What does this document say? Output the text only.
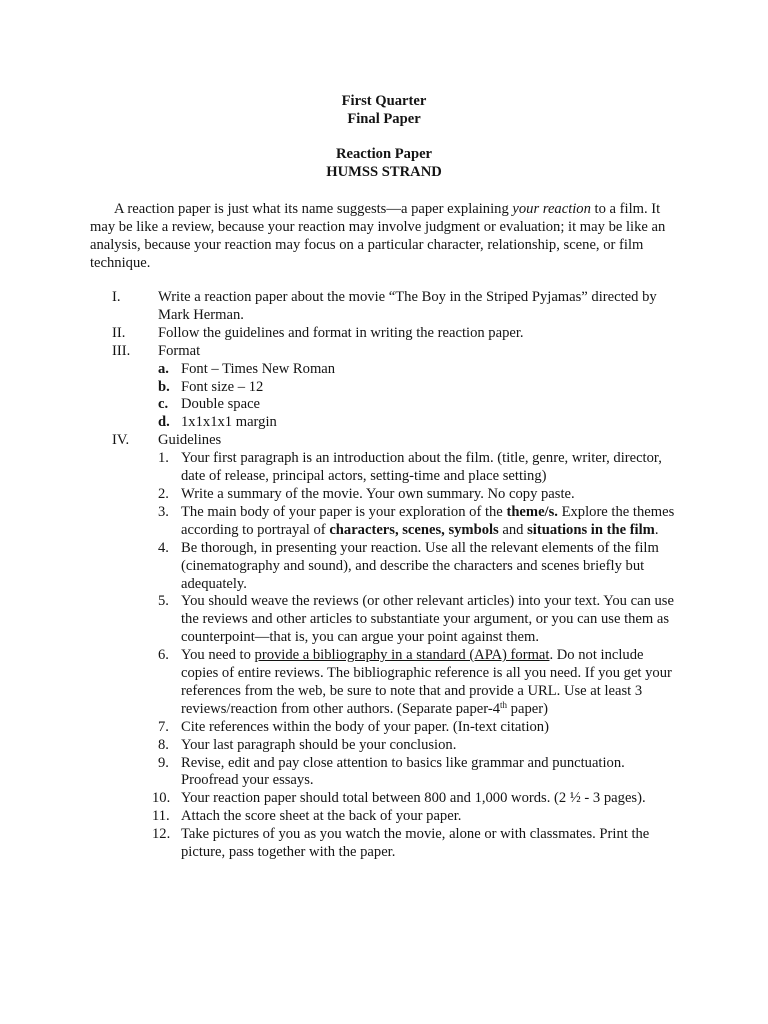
First Quarter
Final Paper
Reaction Paper
HUMSS STRAND

A reaction paper is just what its name suggests—a paper explaining your reaction to a film. It may be like a review, because your reaction may involve judgment or evaluation; it may be like an analysis, because your reaction may focus on a particular character, relationship, scene, or film technique.

I.	Write a reaction paper about the movie “The Boy in the Striped Pyjamas” directed by Mark Herman.
II. Follow the guidelines and format in writing the reaction paper.
III. Format
a. Font – Times New Roman
b. Font size – 12
c. Double space
d. 1x1x1x1 margin
IV. Guidelines
1. Your first paragraph is an introduction about the film. (title, genre, writer, director, date of release, principal actors, setting-time and place setting)
2. Write a summary of the movie. Your own summary. No copy paste.
3. The main body of your paper is your exploration of the theme/s. Explore the themes according to portrayal of characters, scenes, symbols and situations in the film.
4. Be thorough, in presenting your reaction. Use all the relevant elements of the film (cinematography and sound), and describe the characters and scenes briefly but adequately.
5. You should weave the reviews (or other relevant articles) into your text. You can use the reviews and other articles to substantiate your argument, or you can use them as counterpoint—that is, you can argue your point against them.
6. You need to provide a bibliography in a standard (APA) format. Do not include copies of entire reviews. The bibliographic reference is all you need. If you get your references from the web, be sure to note that and provide a URL. Use at least 3 reviews/reaction from other authors. (Separate paper-4th paper)
7. Cite references within the body of your paper. (In-text citation)
8. Your last paragraph should be your conclusion.
9. Revise, edit and pay close attention to basics like grammar and punctuation. Proofread your essays.
10. Your reaction paper should total between 800 and 1,000 words. (2 ½ - 3 pages).
11. Attach the score sheet at the back of your paper.
12. Take pictures of you as you watch the movie, alone or with classmates. Print the picture, pass together with the paper.
